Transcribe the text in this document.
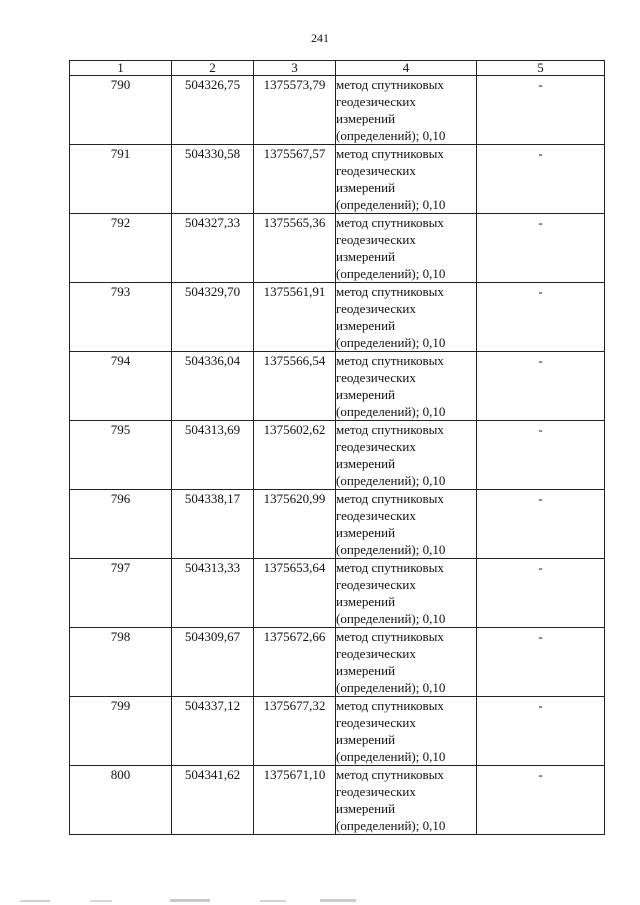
241
1	2	3	4	5
790	504326,75	1375573,79	метод спутниковых
геодезических
измерений
(определений); 0,10	-
791	504330,58	1375567,57	метод спутниковых
геодезических
измерений
(определений); 0,10	-
792	504327,33	1375565,36	метод спутниковых
геодезических
измерений
(определений); 0,10	-
793	504329,70	1375561,91	метод спутниковых
геодезических
измерений
(определений); 0,10	-
794	504336,04	1375566,54	метод спутниковых
геодезических
измерений
(определений); 0,10	-
795	504313,69	1375602,62	метод спутниковых
геодезических
измерений
(определений); 0,10	-
796	504338,17	1375620,99	метод спутниковых
геодезических
измерений
(определений); 0,10	-
797	504313,33	1375653,64	метод спутниковых
геодезических
измерений
(определений); 0,10	-
798	504309,67	1375672,66	метод спутниковых
геодезических
измерений
(определений); 0,10	-
799	504337,12	1375677,32	метод спутниковых
геодезических
измерений
(определений); 0,10	-
800	504341,62	1375671,10	метод спутниковых
геодезических
измерений
(определений); 0,10	-
